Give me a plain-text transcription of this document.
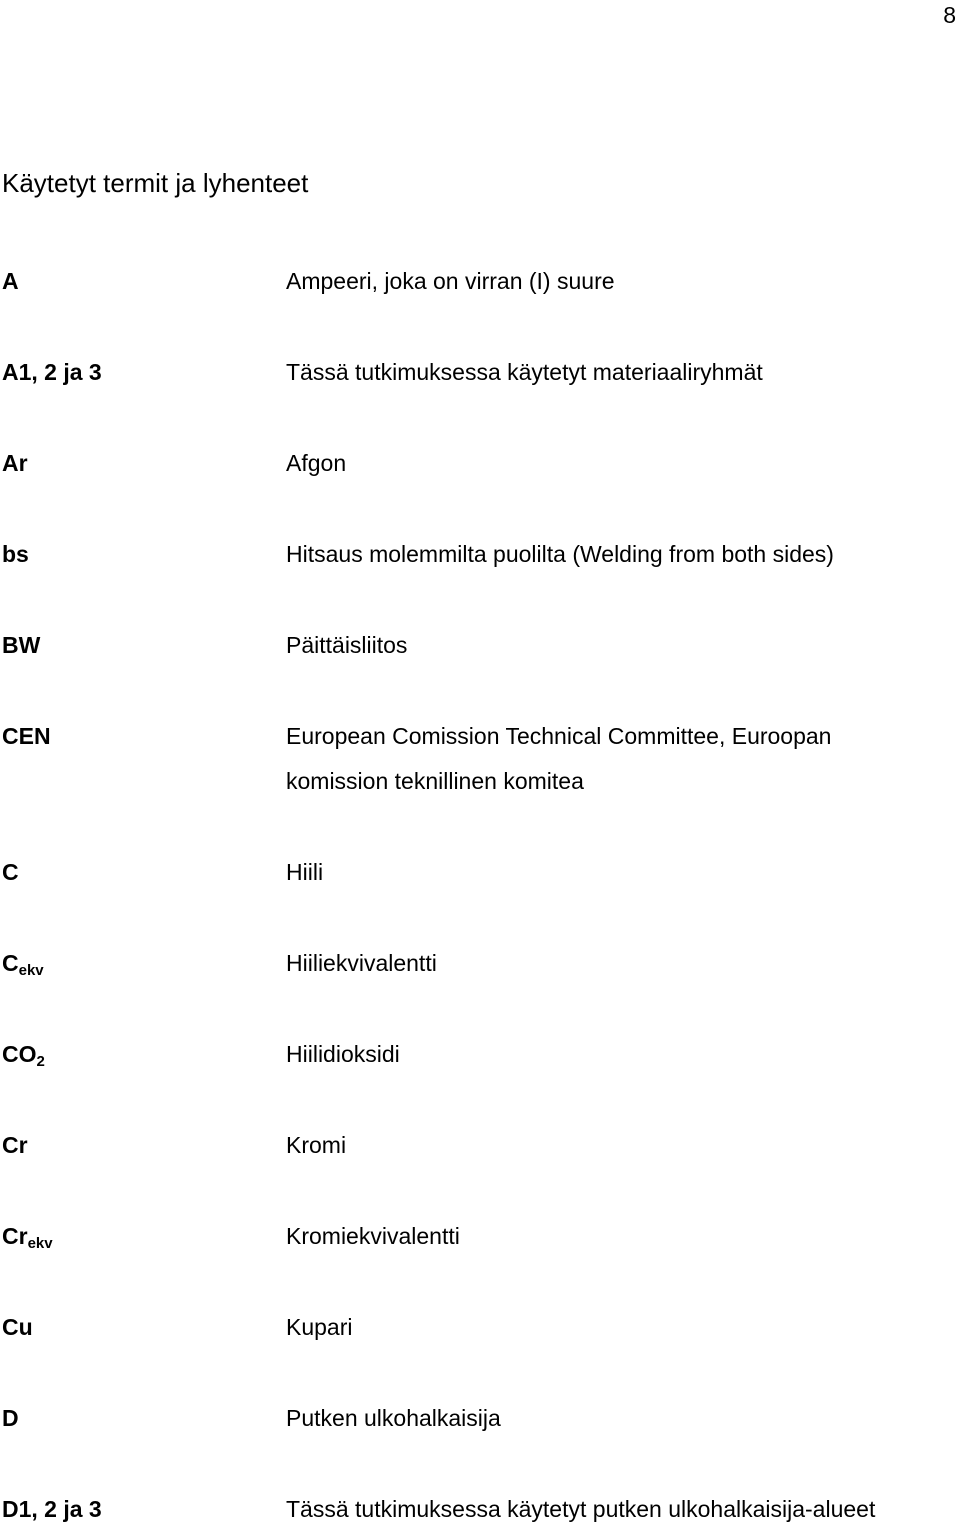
8
Käytetyt termit ja lyhenteet
A	Ampeeri, joka on virran (I) suure
A1, 2 ja 3	Tässä tutkimuksessa käytetyt materiaaliryhmät
Ar	Afgon
bs	Hitsaus molemmilta puolilta (Welding from both sides)
BW	Päittäisliitos
CEN	European Comission Technical Committee, Euroopan
komission teknillinen komitea
C	Hiili
$C_{ekv}$	Hiiliekvivalentti
$CO_2$	Hiilidioksidi
Cr	Kromi
$Cr_{ekv}$	Kromiekvivalentti
Cu	Kupari
D	Putken ulkohalkaisija
D1, 2 ja 3	Tässä tutkimuksessa käytetyt putken ulkohalkaisija-alueet
